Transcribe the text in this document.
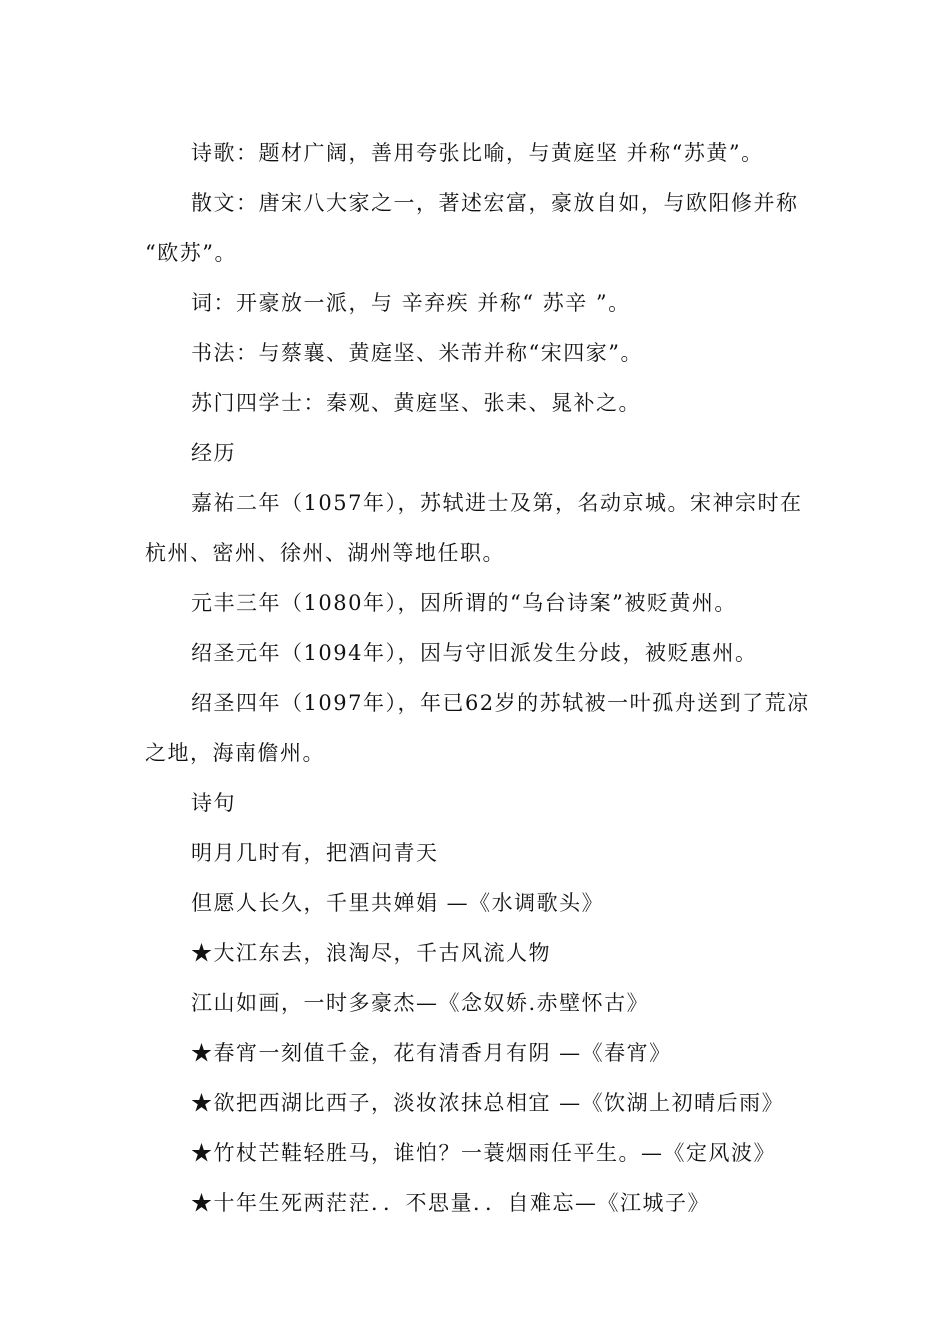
诗歌：题材广阔，善用夸张比喻，与黄庭坚 并称“苏黄”。
散文：唐宋八大家之一，著述宏富，豪放自如，与欧阳修并称
“欧苏”。
词：开豪放一派，与 辛弃疾 并称“ 苏辛 ”。
书法：与蔡襄、黄庭坚、米芾并称“宋四家”。
苏门四学士：秦观、黄庭坚、张耒、晁补之。
经历
嘉祐二年（1057年），苏轼进士及第，名动京城。宋神宗时在
杭州、密州、徐州、湖州等地任职。
元丰三年（1080年），因所谓的“乌台诗案”被贬黄州。
绍圣元年（1094年），因与守旧派发生分歧，被贬惠州。
绍圣四年（1097年），年已62岁的苏轼被一叶孤舟送到了荒凉
之地，海南儋州。
诗句
明月几时有，把酒问青天
但愿人长久，千里共婵娟 —《水调歌头》
★大江东去，浪淘尽，千古风流人物
江山如画，一时多豪杰—《念奴娇.赤壁怀古》
★春宵一刻值千金，花有清香月有阴 —《春宵》
★欲把西湖比西子，淡妆浓抹总相宜 —《饮湖上初晴后雨》
★竹杖芒鞋轻胜马，谁怕？一蓑烟雨任平生。—《定风波》
★十年生死两茫茫．．不思量．．自难忘—《江城子》
